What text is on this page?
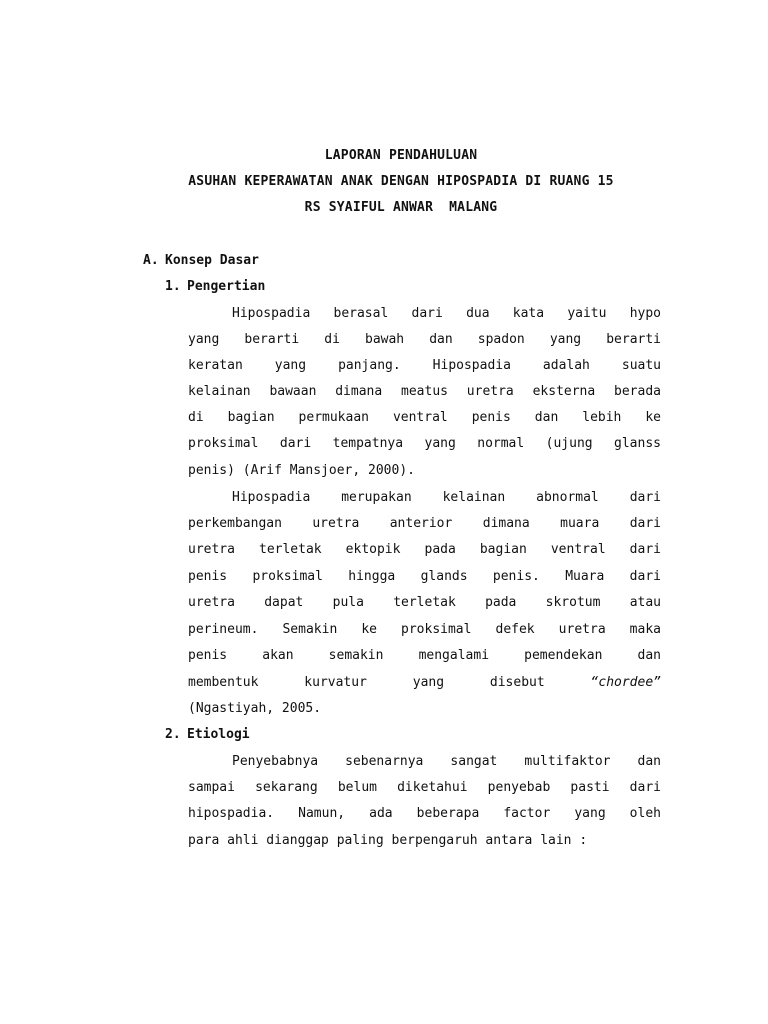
LAPORAN PENDAHULUAN
ASUHAN KEPERAWATAN ANAK DENGAN HIPOSPADIA DI RUANG 15
RS SYAIFUL ANWAR  MALANG
A. Konsep Dasar
1. Pengertian
Hipospadia berasal dari dua kata yaitu hypo
yang berarti di bawah dan spadon yang berarti
keratan yang panjang. Hipospadia adalah suatu
kelainan bawaan dimana meatus uretra eksterna berada
di bagian permukaan ventral penis dan lebih ke
proksimal dari tempatnya yang normal (ujung glanss
penis) (Arif Mansjoer, 2000).
Hipospadia merupakan kelainan abnormal dari
perkembangan uretra anterior dimana muara dari
uretra terletak ektopik pada bagian ventral dari
penis proksimal hingga glands penis. Muara dari
uretra dapat pula terletak pada skrotum atau
perineum. Semakin ke proksimal defek uretra maka
penis akan semakin mengalami pemendekan dan
membentuk kurvatur yang disebut	“chordee”
(Ngastiyah, 2005.
2. Etiologi
Penyebabnya sebenarnya sangat multifaktor dan
sampai sekarang belum diketahui penyebab pasti dari
hipospadia. Namun, ada beberapa factor yang oleh
para ahli dianggap paling berpengaruh antara lain :
